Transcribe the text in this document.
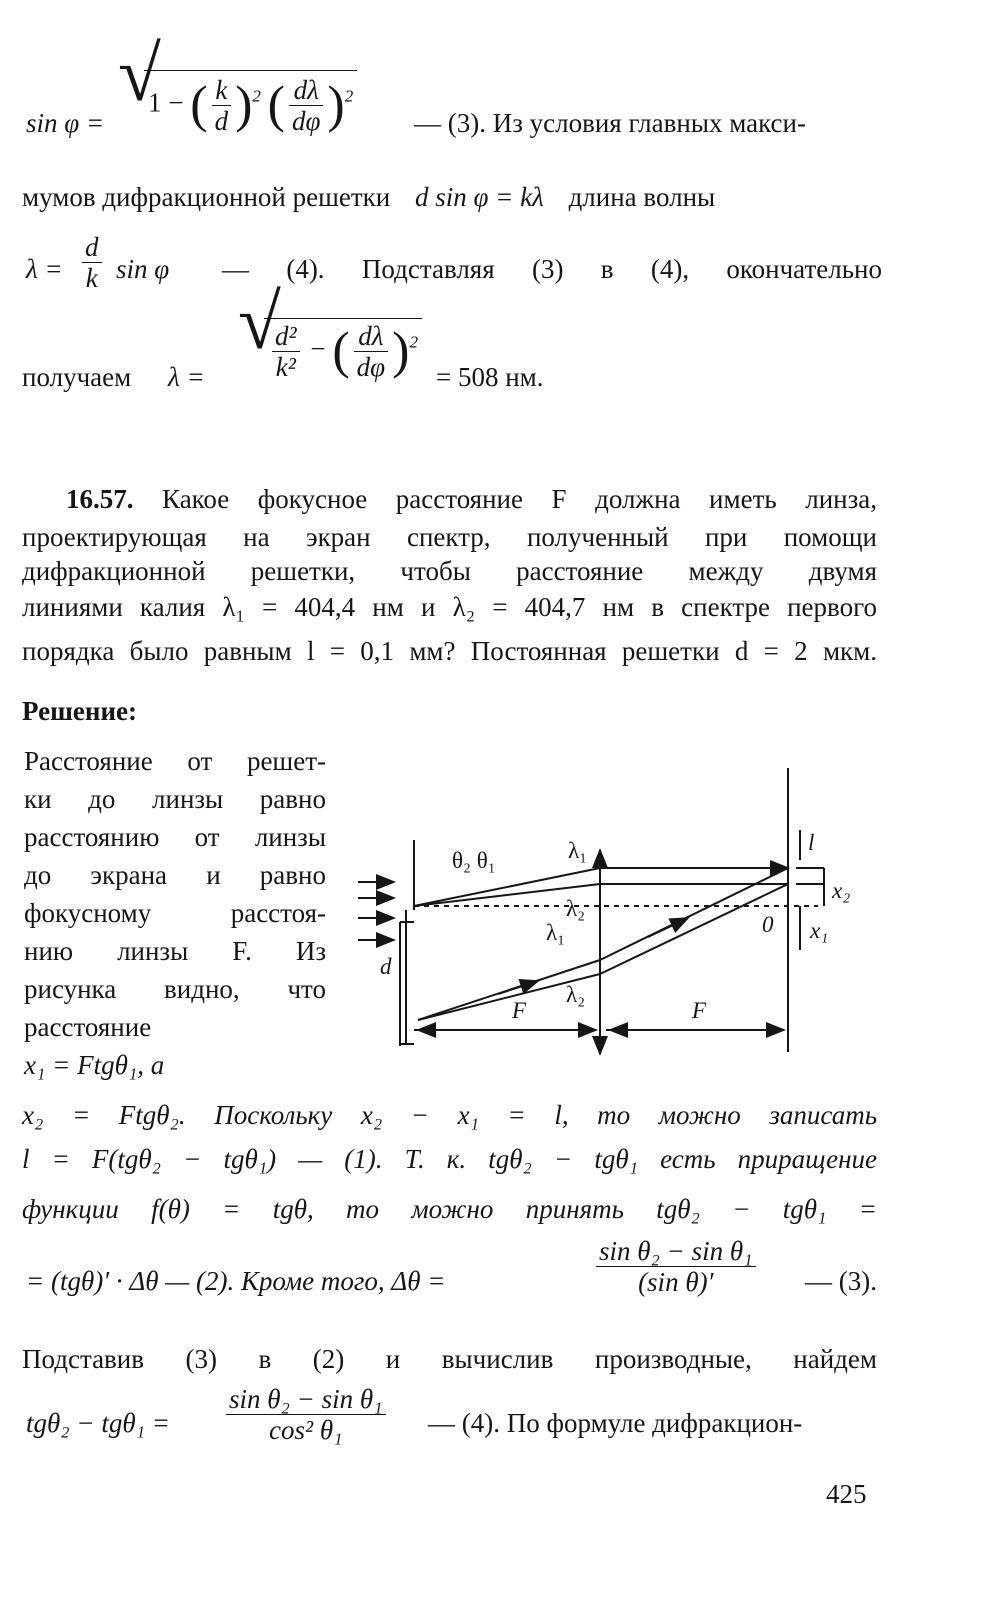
sin φ =
√ 1 − ( $\frac{k}{d} )^2$ ( $\frac{d\lambda}{d\varphi} )^2$
— (3). Из условия главных макси-
мумов дифракционной решетки d sin φ = kλ длина волны
$\lambda = \frac{d}{k}$ sin φ — (4). Подставляя (3) в (4), окончательно
получаем λ =
√ $\frac{\text{d²}}{\text{k²}}$ − ( $\frac{d\lambda}{d\varphi} )^2$
= 508 нм.
16.57. Какое фокусное расстояние F должна иметь линза,
проектирующая на экран спектр, полученный при помощи
дифракционной решетки, чтобы расстояние между двумя
линиями калия λ₁ = 404,4 нм и λ₂ = 404,7 нм в спектре первого
порядка было равным l = 0,1 мм? Постоянная решетки d = 2 мкм.
Решение:
Расстояние от решет-
ки до линзы равно
расстоянию от линзы
до экрана и равно
фокусному расстоя-
нию линзы F. Из
рисунка видно, что
расстояние
x₁ = Ftgθ₁, а
θ₂ θ₁	λ₁
λ₂
λ₁
λ₂
F	F
d
0
l
x₂
x₁
x₂ = Ftgθ₂. Поскольку x₂ − x₁ = l, то можно записать
l = F(tgθ₂ − tgθ₁) — (1). Т. к. tgθ₂ − tgθ₁ есть приращение
функции f(θ) = tgθ, то можно принять tgθ₂ − tgθ₁ =
= (tgθ)′ · Δθ — (2). Кроме того, Δθ =	$\frac{\text{sin θ₂ − sin θ₁}}{\text{(sin θ)′}}$ — (3).
Подставив (3) в (2) и вычислив производные, найдем
$tg\theta_2 - tg\theta_1 = \frac{\text{sin θ₂ − sin θ₁}}{\text{cos² θ₁}}$ — (4). По формуле дифракцион-
425
